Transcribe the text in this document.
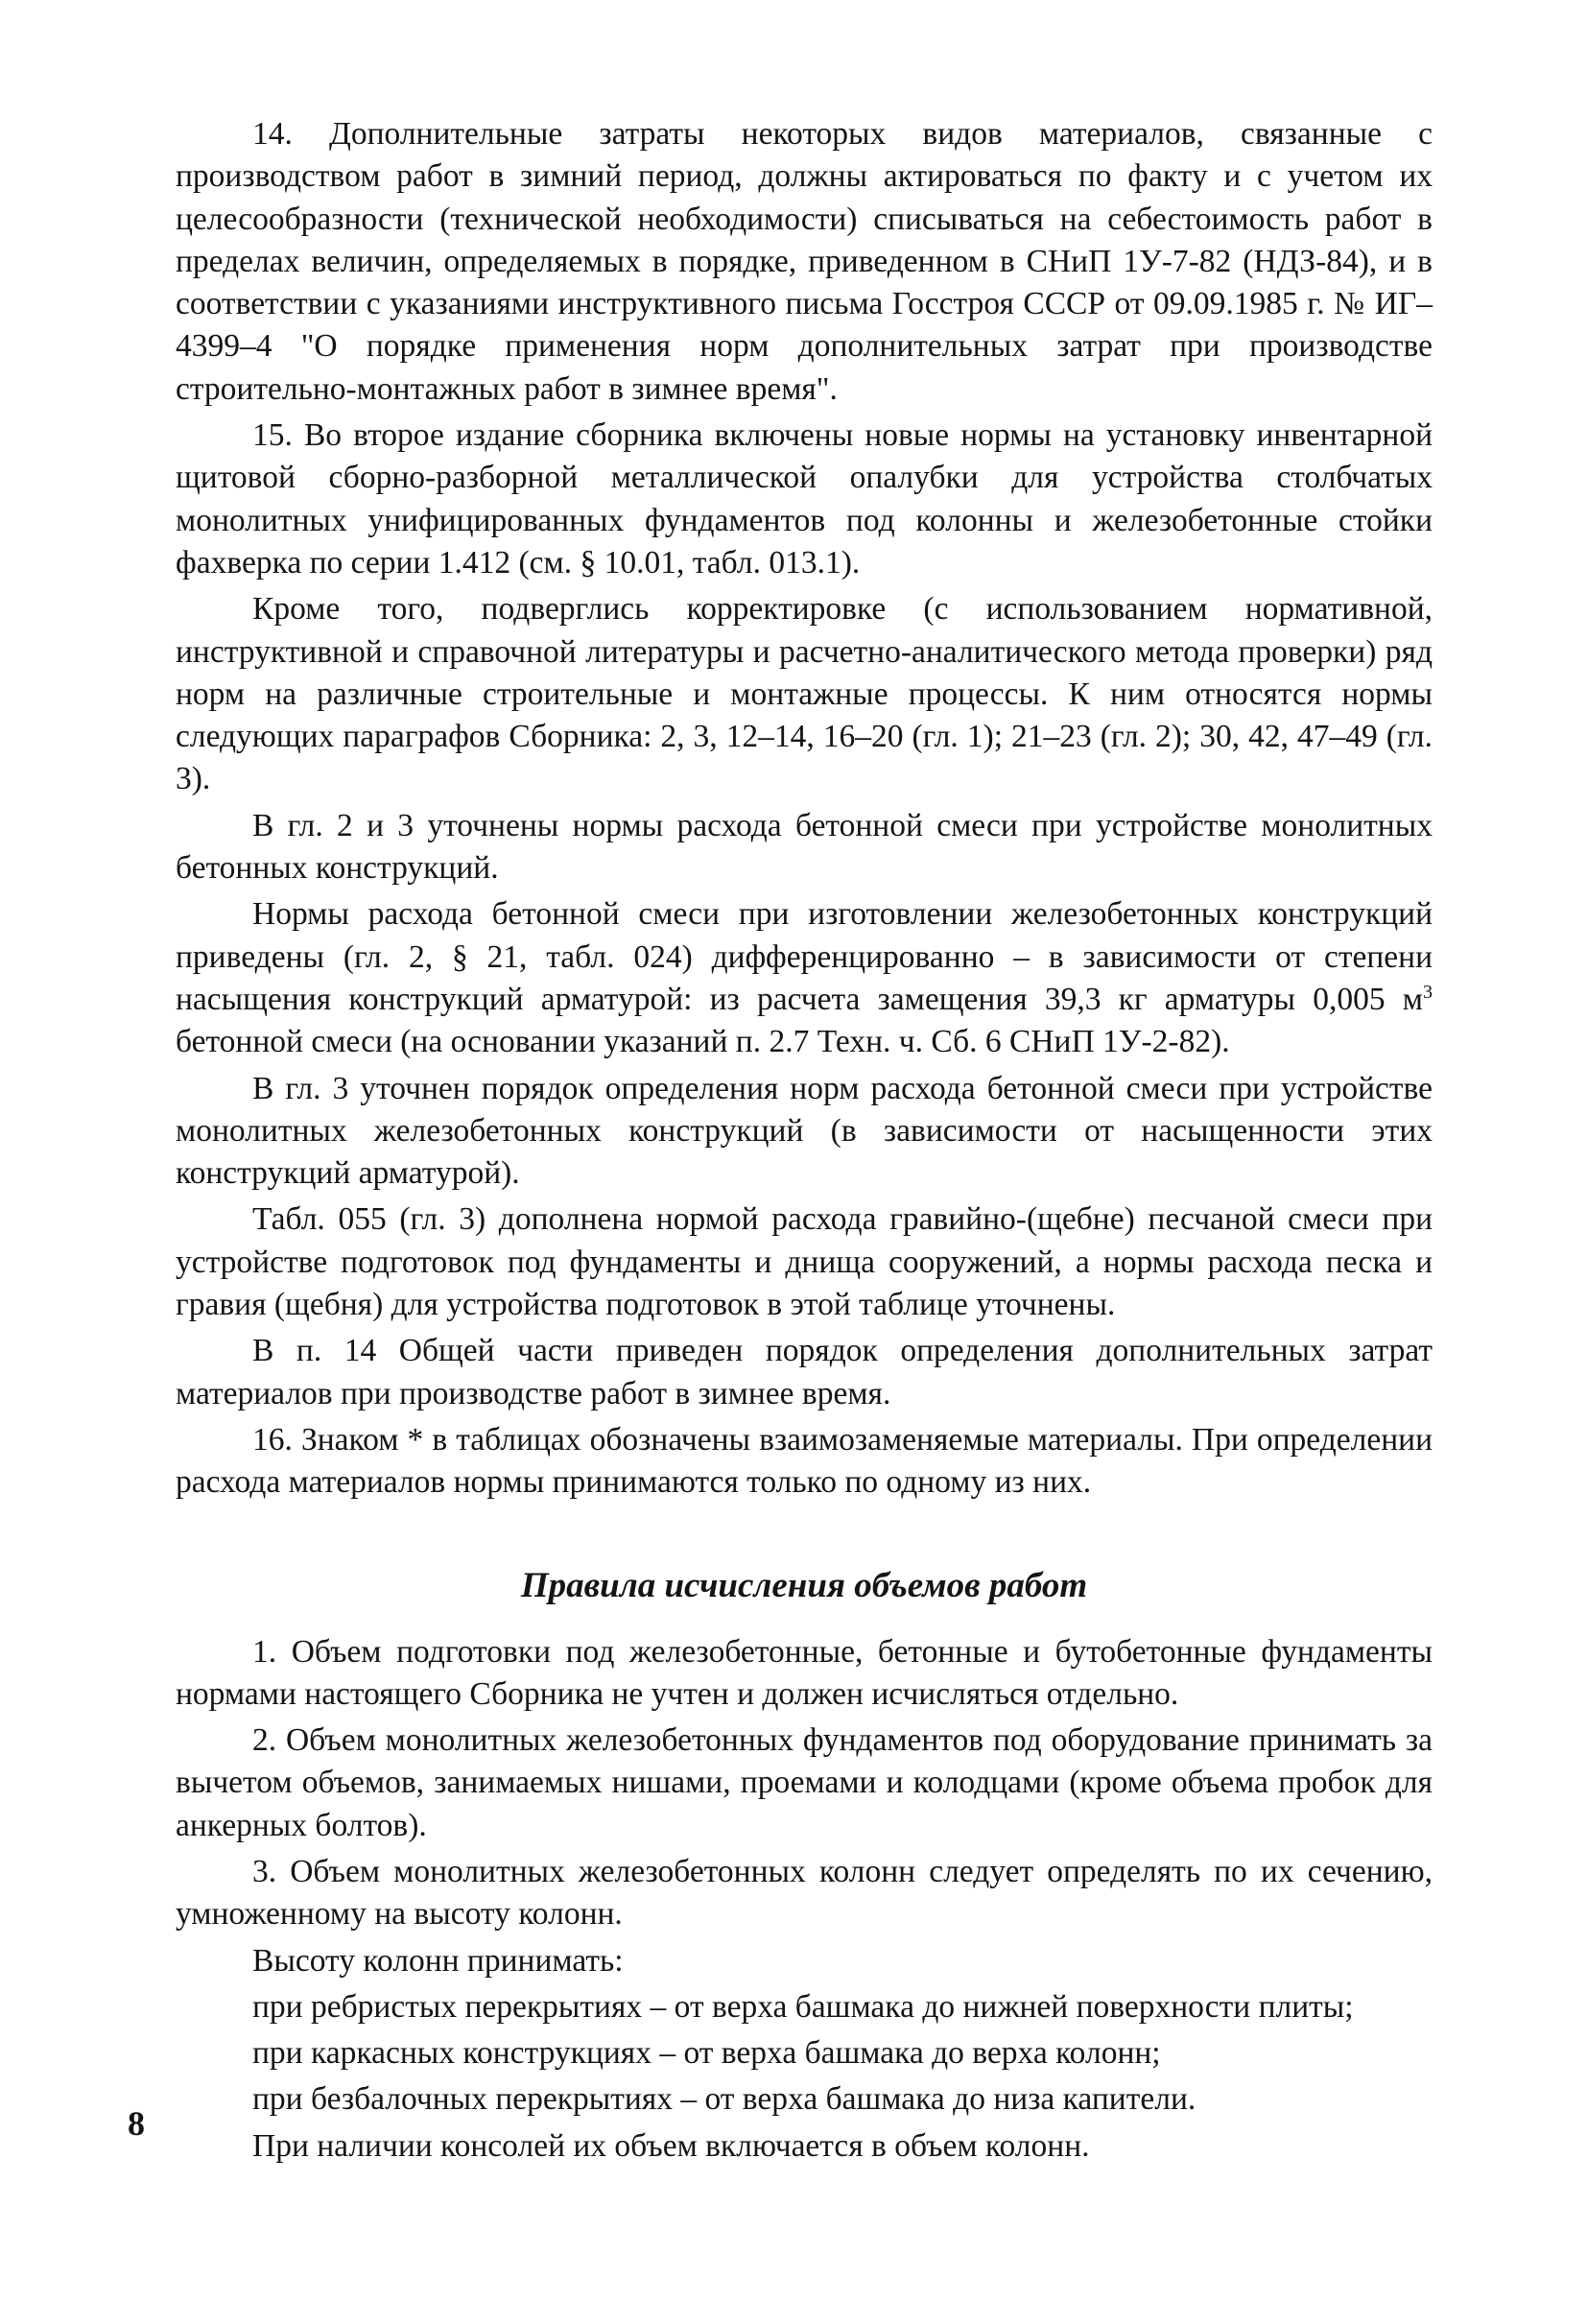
14. Дополнительные затраты некоторых видов материалов, связанные с производством работ в зимний период, должны актироваться по факту и с учетом их целесообразности (технической необходимости) списываться на себестоимость работ в пределах величин, определяемых в порядке, приведенном в СНиП 1У-7-82 (НДЗ-84), и в соответствии с указаниями инструктивного письма Госстроя СССР от 09.09.1985 г. № ИГ–4399–4 "О порядке применения норм дополнительных затрат при производстве строительно-монтажных работ в зимнее время".

15. Во второе издание сборника включены новые нормы на установку инвентарной щитовой сборно-разборной металлической опалубки для устройства столбчатых монолитных унифицированных фундаментов под колонны и железобетонные стойки фахверка по серии 1.412 (см. § 10.01, табл. 013.1).

Кроме того, подверглись корректировке (с использованием нормативной, инструктивной и справочной литературы и расчетно-аналитического метода проверки) ряд норм на различные строительные и монтажные процессы. К ним относятся нормы следующих параграфов Сборника: 2, 3, 12–14, 16–20 (гл. 1); 21–23 (гл. 2); 30, 42, 47–49 (гл. 3).

В гл. 2 и 3 уточнены нормы расхода бетонной смеси при устройстве монолитных бетонных конструкций.

Нормы расхода бетонной смеси при изготовлении железобетонных конструкций приведены (гл. 2, § 21, табл. 024) дифференцированно – в зависимости от степени насыщения конструкций арматурой: из расчета замещения 39,3 кг арматуры 0,005 $м^3$ бетонной смеси (на основании указаний п. 2.7 Техн. ч. Сб. 6 СНиП 1У-2-82).

В гл. 3 уточнен порядок определения норм расхода бетонной смеси при устройстве монолитных железобетонных конструкций (в зависимости от насыщенности этих конструкций арматурой).

Табл. 055 (гл. 3) дополнена нормой расхода гравийно-(щебне) песчаной смеси при устройстве подготовок под фундаменты и днища сооружений, а нормы расхода песка и гравия (щебня) для устройства подготовок в этой таблице уточнены.

В п. 14 Общей части приведен порядок определения дополнительных затрат материалов при производстве работ в зимнее время.

16. Знаком * в таблицах обозначены взаимозаменяемые материалы. При определении расхода материалов нормы принимаются только по одному из них.

Правила исчисления объемов работ

1. Объем подготовки под железобетонные, бетонные и бутобетонные фундаменты нормами настоящего Сборника не учтен и должен исчисляться отдельно.

2. Объем монолитных железобетонных фундаментов под оборудование принимать за вычетом объемов, занимаемых нишами, проемами и колодцами (кроме объема пробок для анкерных болтов).

3. Объем монолитных железобетонных колонн следует определять по их сечению, умноженному на высоту колонн.

Высоту колонн принимать:

при ребристых перекрытиях – от верха башмака до нижней поверхности плиты;

при каркасных конструкциях – от верха башмака до верха колонн;

при безбалочных перекрытиях – от верха башмака до низа капители.

При наличии консолей их объем включается в объем колонн.

8
